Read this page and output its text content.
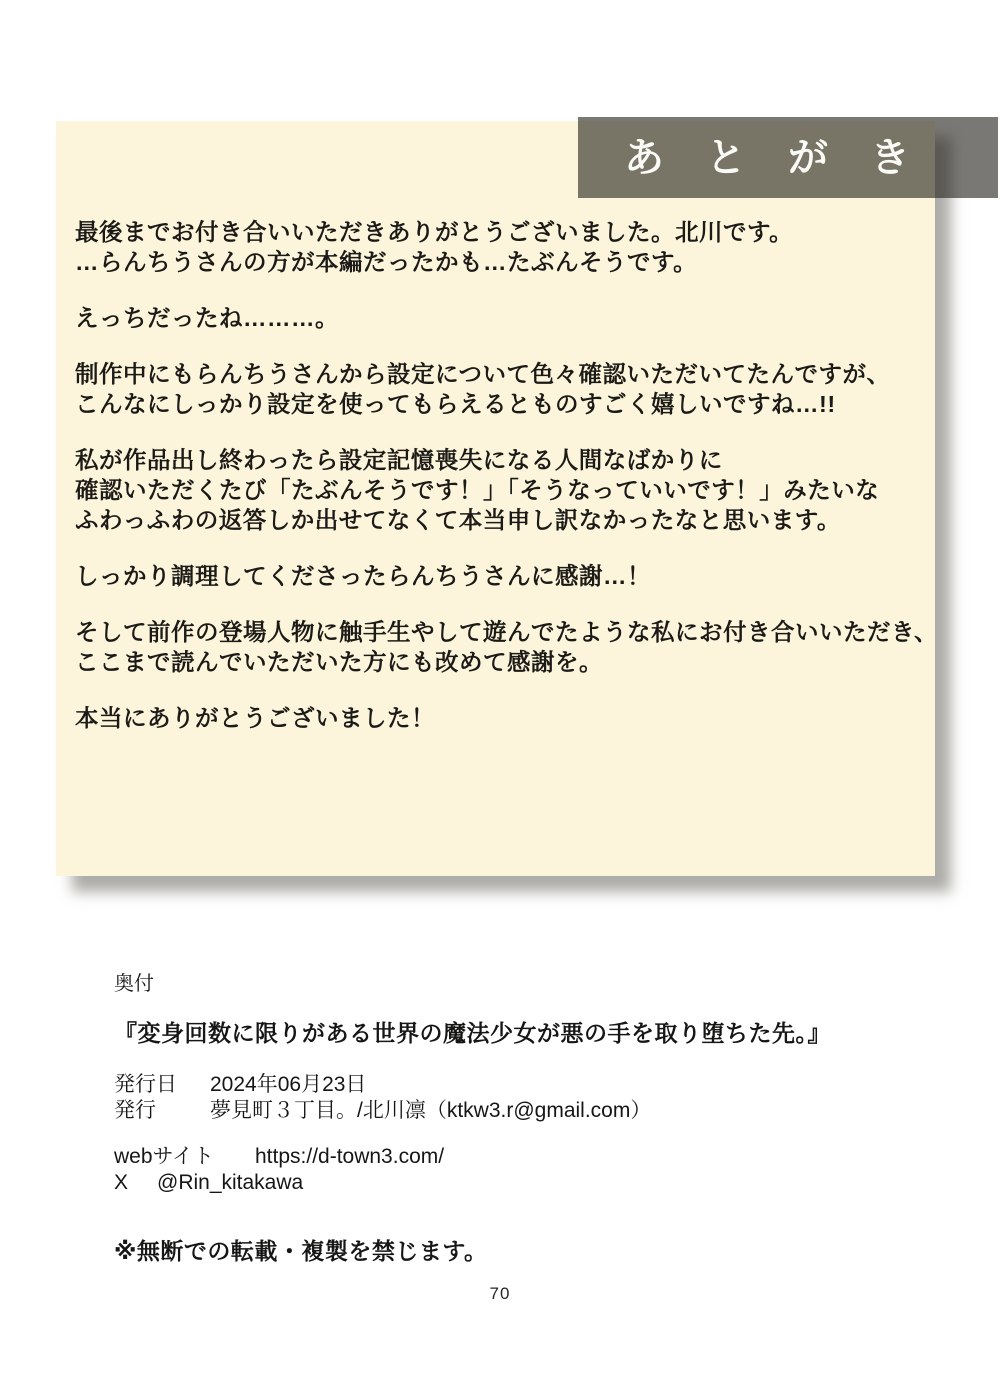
最後までお付き合いいただきありがとうございました。北川です。
…らんちうさんの方が本編だったかも…たぶんそうです。
えっちだったね………。
制作中にもらんちうさんから設定について色々確認いただいてたんですが、
こんなにしっかり設定を使ってもらえるとものすごく嬉しいですね…!!
私が作品出し終わったら設定記憶喪失になる人間なばかりに
確認いただくたび「たぶんそうです！」「そうなっていいです！」みたいな
ふわっふわの返答しか出せてなくて本当申し訳なかったなと思います。
しっかり調理してくださったらんちうさんに感謝…！
そして前作の登場人物に触手生やして遊んでたような私にお付き合いいただき、
ここまで読んでいただいた方にも改めて感謝を。
本当にありがとうございました！
あとがき
奥付
『変身回数に限りがある世界の魔法少女が悪の手を取り堕ちた先。』
発行日	2024年06月23日
発行	夢見町３丁目。/北川凛（ktkw3.r@gmail.com）
webサイト	https://d-town3.com/
X	@Rin_kitakawa
※無断での転載・複製を禁じます。
70
